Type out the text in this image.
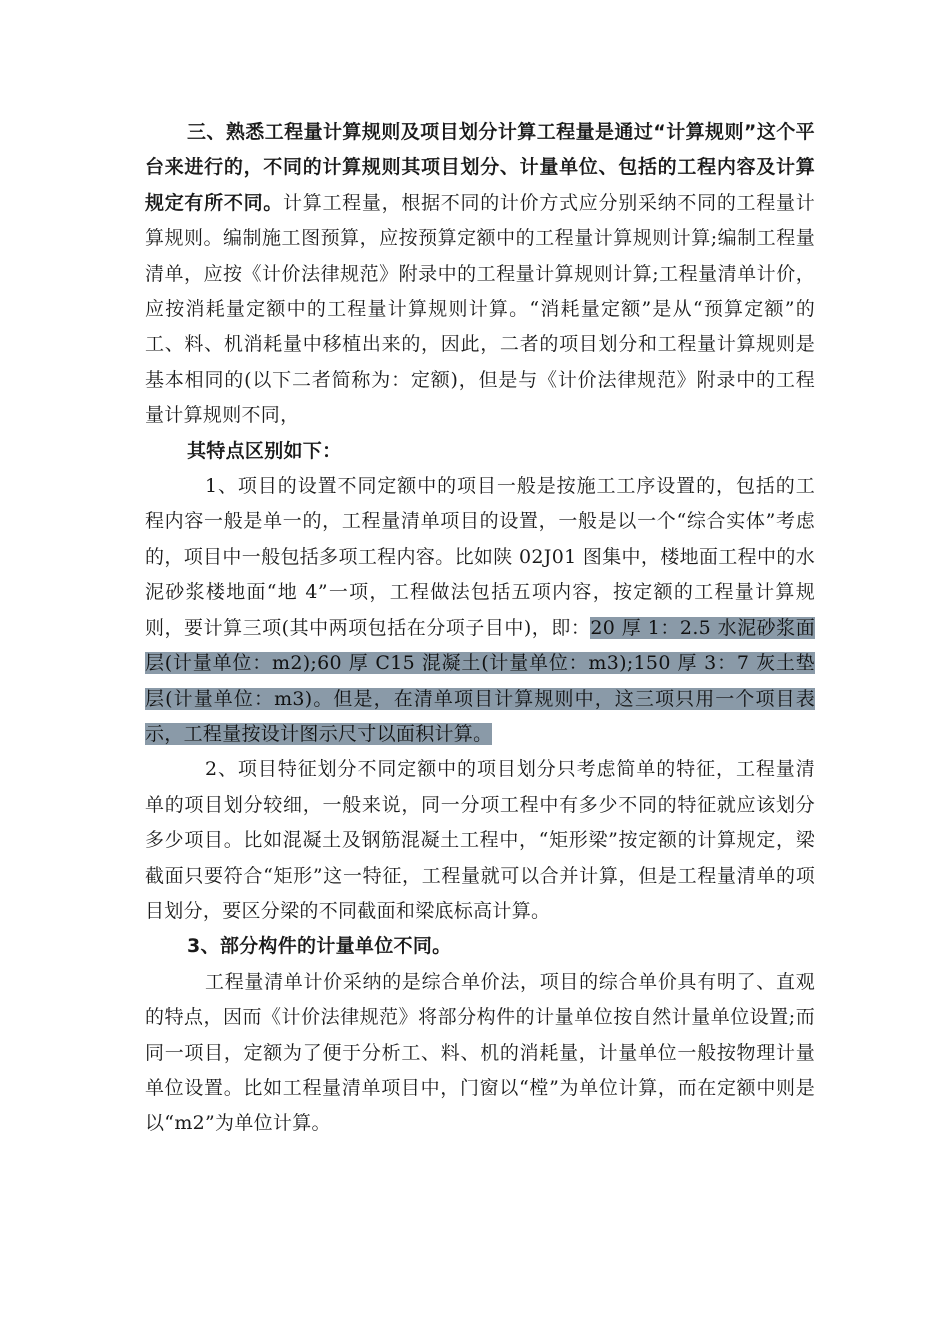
三、熟悉工程量计算规则及项目划分计算工程量是通过“计算规则”这个平台来进行的，不同的计算规则其项目划分、计量单位、包括的工程内容及计算规定有所不同。计算工程量，根据不同的计价方式应分别采纳不同的工程量计算规则。编制施工图预算，应按预算定额中的工程量计算规则计算;编制工程量清单，应按《计价法律规范》附录中的工程量计算规则计算;工程量清单计价，应按消耗量定额中的工程量计算规则计算。“消耗量定额”是从“预算定额”的工、料、机消耗量中移植出来的，因此，二者的项目划分和工程量计算规则是基本相同的(以下二者简称为：定额)，但是与《计价法律规范》附录中的工程量计算规则不同，

其特点区别如下：

1、项目的设置不同定额中的项目一般是按施工工序设置的，包括的工程内容一般是单一的，工程量清单项目的设置，一般是以一个“综合实体”考虑的，项目中一般包括多项工程内容。比如陕 02J01 图集中，楼地面工程中的水泥砂浆楼地面“地 4”一项，工程做法包括五项内容，按定额的工程量计算规则，要计算三项(其中两项包括在分项子目中)，即：20 厚 1：2.5 水泥砂浆面层(计量单位：m2);60 厚 C15 混凝土(计量单位：m3);150 厚 3：7 灰土垫层(计量单位：m3)。但是，在清单项目计算规则中，这三项只用一个项目表示，工程量按设计图示尺寸以面积计算。

2、项目特征划分不同定额中的项目划分只考虑简单的特征，工程量清单的项目划分较细，一般来说，同一分项工程中有多少不同的特征就应该划分多少项目。比如混凝土及钢筋混凝土工程中，“矩形梁”按定额的计算规定，梁截面只要符合“矩形”这一特征，工程量就可以合并计算，但是工程量清单的项目划分，要区分梁的不同截面和梁底标高计算。

3、部分构件的计量单位不同。

工程量清单计价采纳的是综合单价法，项目的综合单价具有明了、直观的特点，因而《计价法律规范》将部分构件的计量单位按自然计量单位设置;而同一项目，定额为了便于分析工、料、机的消耗量，计量单位一般按物理计量单位设置。比如工程量清单项目中，门窗以“樘”为单位计算，而在定额中则是以“m2”为单位计算。
